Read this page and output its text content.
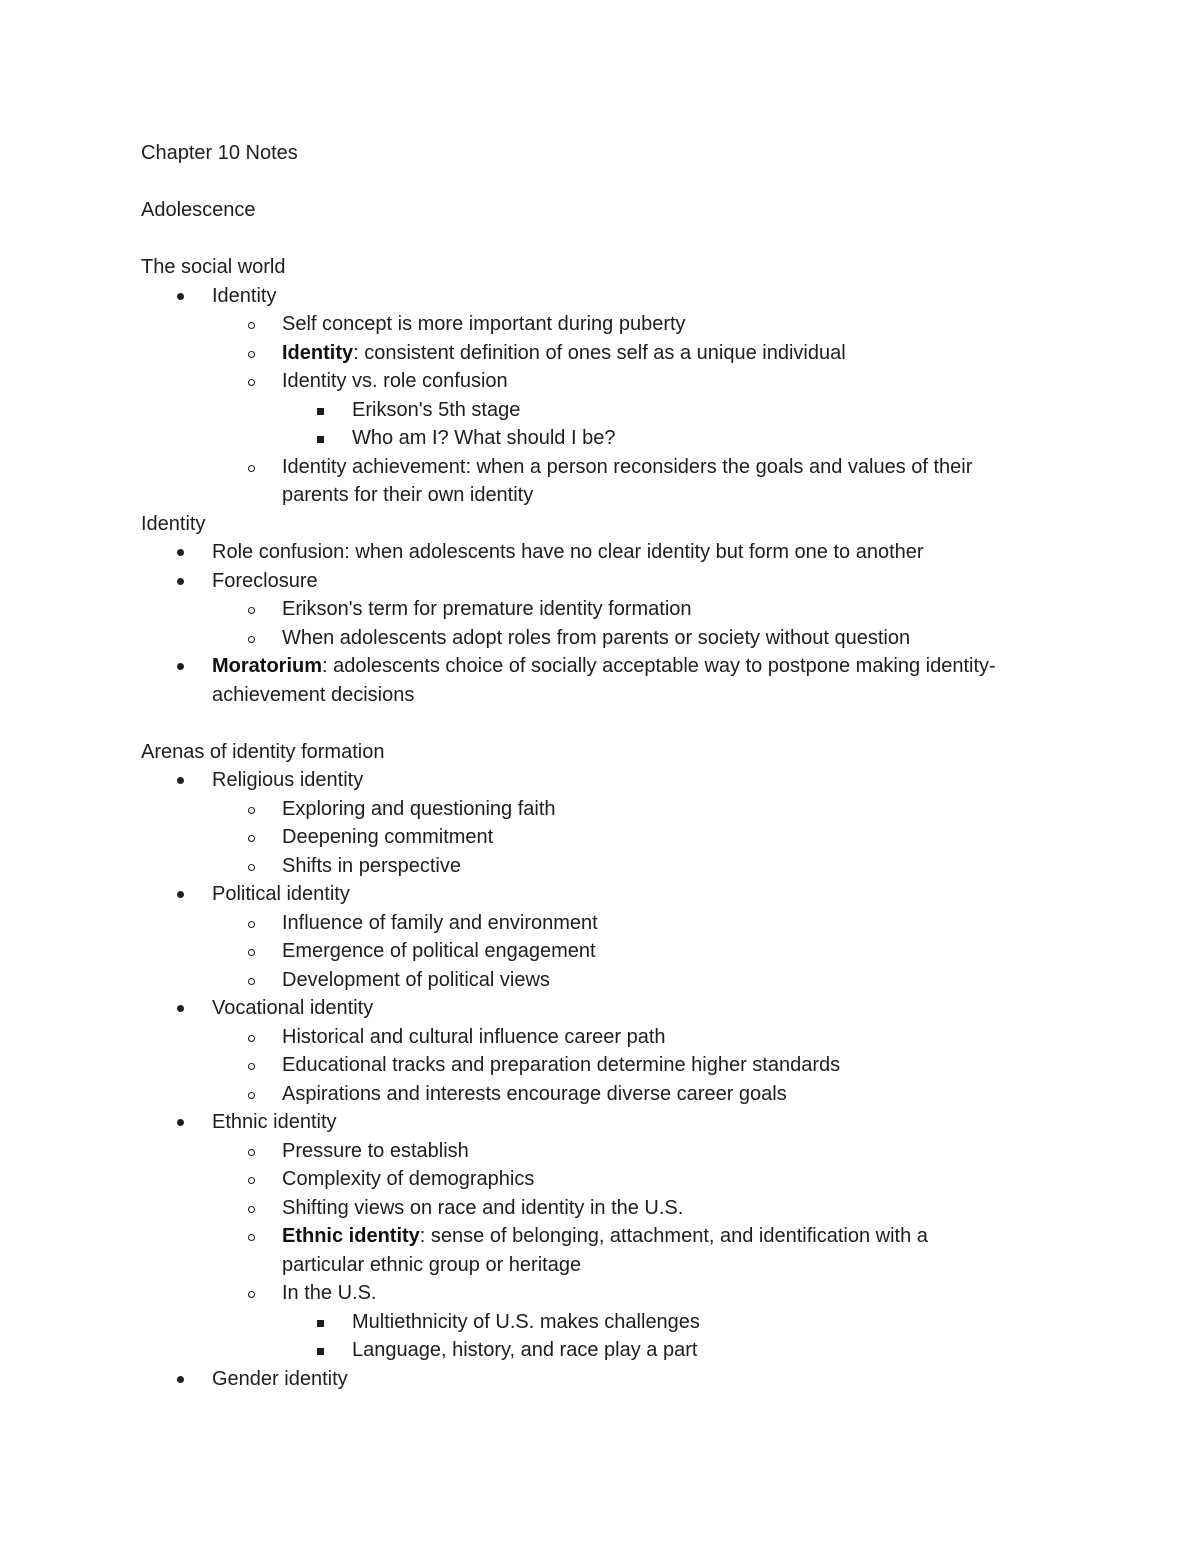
Chapter 10 Notes
Adolescence
The social world
Identity
Self concept is more important during puberty
Identity: consistent definition of ones self as a unique individual
Identity vs. role confusion
Erikson's 5th stage
Who am I? What should I be?
Identity achievement: when a person reconsiders the goals and values of their parents for their own identity
Identity
Role confusion: when adolescents have no clear identity but form one to another
Foreclosure
Erikson's term for premature identity formation
When adolescents adopt roles from parents or society without question
Moratorium: adolescents choice of socially acceptable way to postpone making identity-achievement decisions
Arenas of identity formation
Religious identity
Exploring and questioning faith
Deepening commitment
Shifts in perspective
Political identity
Influence of family and environment
Emergence of political engagement
Development of political views
Vocational identity
Historical and cultural influence career path
Educational tracks and preparation determine higher standards
Aspirations and interests encourage diverse career goals
Ethnic identity
Pressure to establish
Complexity of demographics
Shifting views on race and identity in the U.S.
Ethnic identity: sense of belonging, attachment, and identification with a particular ethnic group or heritage
In the U.S.
Multiethnicity of U.S. makes challenges
Language, history, and race play a part
Gender identity
